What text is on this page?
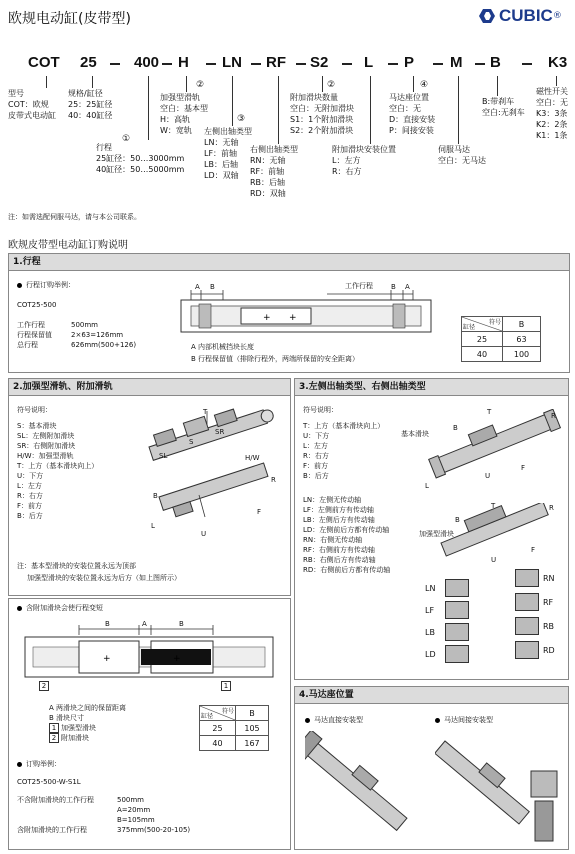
欧规电动缸(皮带型)	CUBIC ®
COT 25 400 H LN RF S2 L P M B	K3
型号
COT：欧规
皮带式电动缸
规格/缸径
25：25缸径
40：40缸径
行程
①
25缸径：50…3000mm
40缸径：50…5000mm
加强型滑轨
空白：基本型
H：高轨
W：宽轨
②
左侧出轴类型
LN：无轴
LF：前轴
LB：后轴
LD：双轴
③
右侧出轴类型
RN：无轴
RF：前轴
RB：后轴
RD：双轴
附加滑块数量
空白：无附加滑块
S1：1个附加滑块
S2：2个附加滑块
②
附加滑块安装位置
L：左方
R：右方
马达座位置
空白：无
D：直接安装
P：间接安装
④
伺服马达
空白：无马达
B:带刹车
空白:无刹车
磁性开关
空白：无
K3：3条
K2：2条
K1：1条
注：如需选配伺服马达，请与本公司联系。
欧规皮带型电动缸订购说明
1.行程
行程订购举例：
COT25-500
工作行程	500mm
行程保留值	2×63=126mm
总行程	626mm(500+126)
+ +
A B	B A
工作行程
A 内部机械挡块长度
B 行程保留值（排除行程外，两端所保留的安全距离）
符号
缸径	B
25	63
40	100
2.加强型滑轨、附加滑轨
符号说明：
S：基本滑块
SL：左侧附加滑块
SR：右侧附加滑块
H/W：加强型滑轨
T：上方（基本滑块向上）
U：下方
L：左方
R：右方
F：前方
B：后方
T
S
SR
SL	H/W
B
R
F
L
U
注：基本型滑块的安装位置永远为顶部
加强型滑块的安装位置永远为后方（如上图所示）
含附加滑块会使行程变短
+	+
B	A	B
2	1
A 两滑块之间的保留距离
B 滑块尺寸
1 加强型滑块
2 附加滑块
符号
缸径	B
25	105
40	167
订购举例：
COT25-500-W-S1L
不含附加滑块的工作行程	500mm
A=20mm
B=105mm
含附加滑块的工作行程	375mm(500-20-105)
3.左侧出轴类型、右侧出轴类型
符号说明：
T：上方（基本滑块向上）
U：下方
L：左方
R：右方
F：前方
B：后方
LN：左侧无传动轴
LF：左侧前方有传动轴
LB：左侧后方有传动轴
LD：左侧前后方都有传动轴
RN：右侧无传动轴
RF：右侧前方有传动轴
RB：右侧后方有传动轴
RD：右侧前后方都有传动轴
基本滑块
T	R
B
L
U
F
加强型滑块
T	R
B
U
F
LN
LF
LB
LD
RN
RF
RB
RD
4.马达座位置
马达直接安装型	马达间接安装型
